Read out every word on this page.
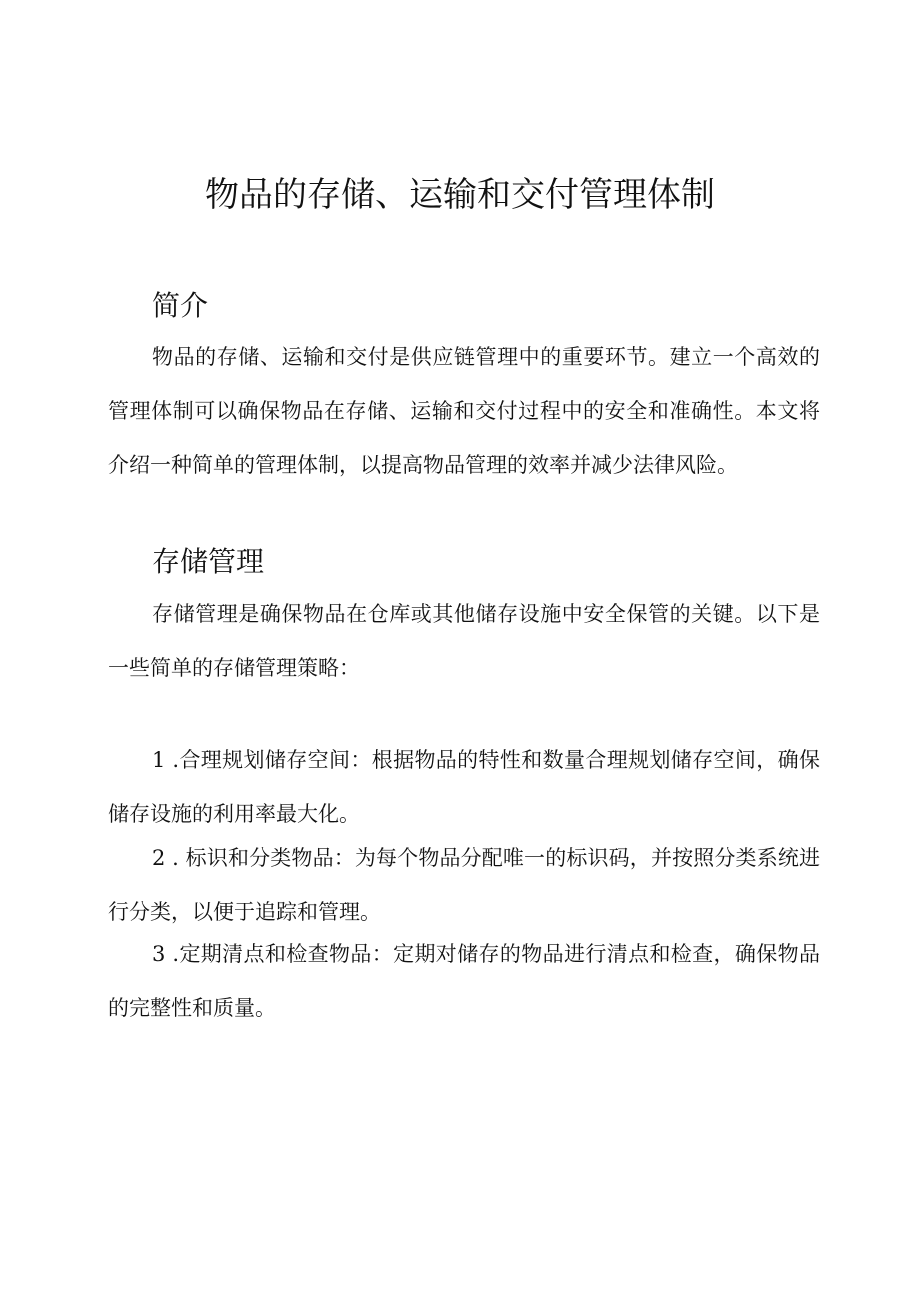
物品的存储、运输和交付管理体制
简介

物品的存储、运输和交付是供应链管理中的重要环节。建立一个高效的管理体制可以确保物品在存储、运输和交付过程中的安全和准确性。本文将介绍一种简单的管理体制，以提高物品管理的效率并减少法律风险。

存储管理

存储管理是确保物品在仓库或其他储存设施中安全保管的关键。以下是一些简单的存储管理策略：

1 .合理规划储存空间：根据物品的特性和数量合理规划储存空间，确保储存设施的利用率最大化。

2 . 标识和分类物品：为每个物品分配唯一的标识码，并按照分类系统进行分类，以便于追踪和管理。

3 .定期清点和检查物品：定期对储存的物品进行清点和检查，确保物品的完整性和质量。
